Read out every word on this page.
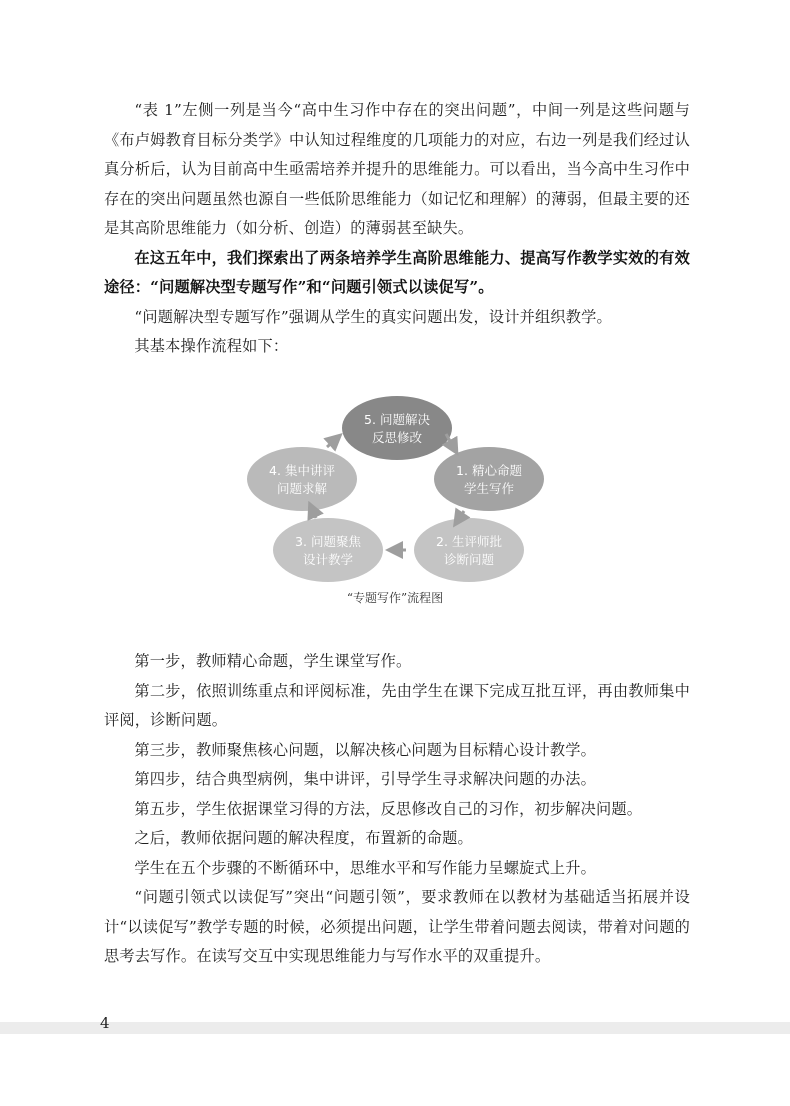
“表 1”左侧一列是当今“高中生习作中存在的突出问题”，中间一列是这些问题与《布卢姆教育目标分类学》中认知过程维度的几项能力的对应，右边一列是我们经过认真分析后，认为目前高中生亟需培养并提升的思维能力。可以看出，当今高中生习作中存在的突出问题虽然也源自一些低阶思维能力（如记忆和理解）的薄弱，但最主要的还是其高阶思维能力（如分析、创造）的薄弱甚至缺失。

在这五年中，我们探索出了两条培养学生高阶思维能力、提高写作教学实效的有效途径：“问题解决型专题写作”和“问题引领式以读促写”。

“问题解决型专题写作”强调从学生的真实问题出发，设计并组织教学。

其基本操作流程如下：

5. 问题解决
反思修改
1. 精心命题
学生写作
2. 生评师批
诊断问题
3. 问题聚焦
设计教学
4. 集中讲评
问题求解
“专题写作”流程图

第一步，教师精心命题，学生课堂写作。

第二步，依照训练重点和评阅标准，先由学生在课下完成互批互评，再由教师集中评阅，诊断问题。

第三步，教师聚焦核心问题，以解决核心问题为目标精心设计教学。

第四步，结合典型病例，集中讲评，引导学生寻求解决问题的办法。

第五步，学生依据课堂习得的方法，反思修改自己的习作，初步解决问题。

之后，教师依据问题的解决程度，布置新的命题。

学生在五个步骤的不断循环中，思维水平和写作能力呈螺旋式上升。

“问题引领式以读促写”突出“问题引领”，要求教师在以教材为基础适当拓展并设计“以读促写”教学专题的时候，必须提出问题，让学生带着问题去阅读，带着对问题的思考去写作。在读写交互中实现思维能力与写作水平的双重提升。

4
